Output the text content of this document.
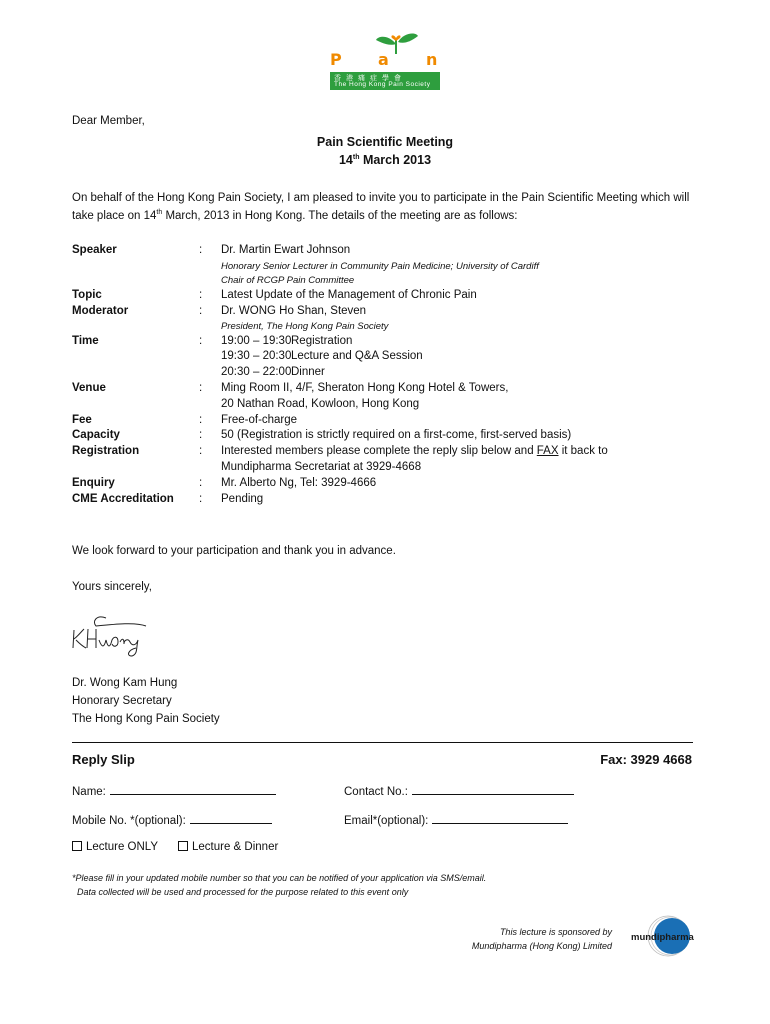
P a n
香港痛症學會
The Hong Kong Pain Society
Dear Member,
Pain Scientific Meeting
14th March 2013
On behalf of the Hong Kong Pain Society, I am pleased to invite you to participate in the Pain Scientific Meeting which will take place on 14th March, 2013 in Hong Kong. The details of the meeting are as follows:
Speaker	: Dr. Martin Ewart Johnson
Honorary Senior Lecturer in Community Pain Medicine; University of Cardiff
Chair of RCGP Pain Committee
Topic	: Latest Update of the Management of Chronic Pain
Moderator	: Dr. WONG Ho Shan, Steven
President, The Hong Kong Pain Society
Time	: 19:00 – 19:30 Registration
19:30 – 20:30 Lecture and Q&A Session
20:30 – 22:00 Dinner
Venue	: Ming Room II, 4/F, Sheraton Hong Kong Hotel & Towers,
20 Nathan Road, Kowloon, Hong Kong
Fee	: Free-of-charge
Capacity	: 50 (Registration is strictly required on a first-come, first-served basis)
Registration	: Interested members please complete the reply slip below and FAX it back to
Mundipharma Secretariat at 3929-4668
Enquiry	: Mr. Alberto Ng, Tel: 3929-4666
CME Accreditation : Pending
We look forward to your participation and thank you in advance.
Yours sincerely,
Dr. Wong Kam Hung
Honorary Secretary
The Hong Kong Pain Society
Reply Slip	Fax: 3929 4668
Name:	Contact No.:
Mobile No. *(optional):	Email*(optional):
Lecture ONLY	Lecture & Dinner
*Please fill in your updated mobile number so that you can be notified of your application via SMS/email.
Data collected will be used and processed for the purpose related to this event only
This lecture is sponsored by
Mundipharma (Hong Kong) Limited
mundipharma
